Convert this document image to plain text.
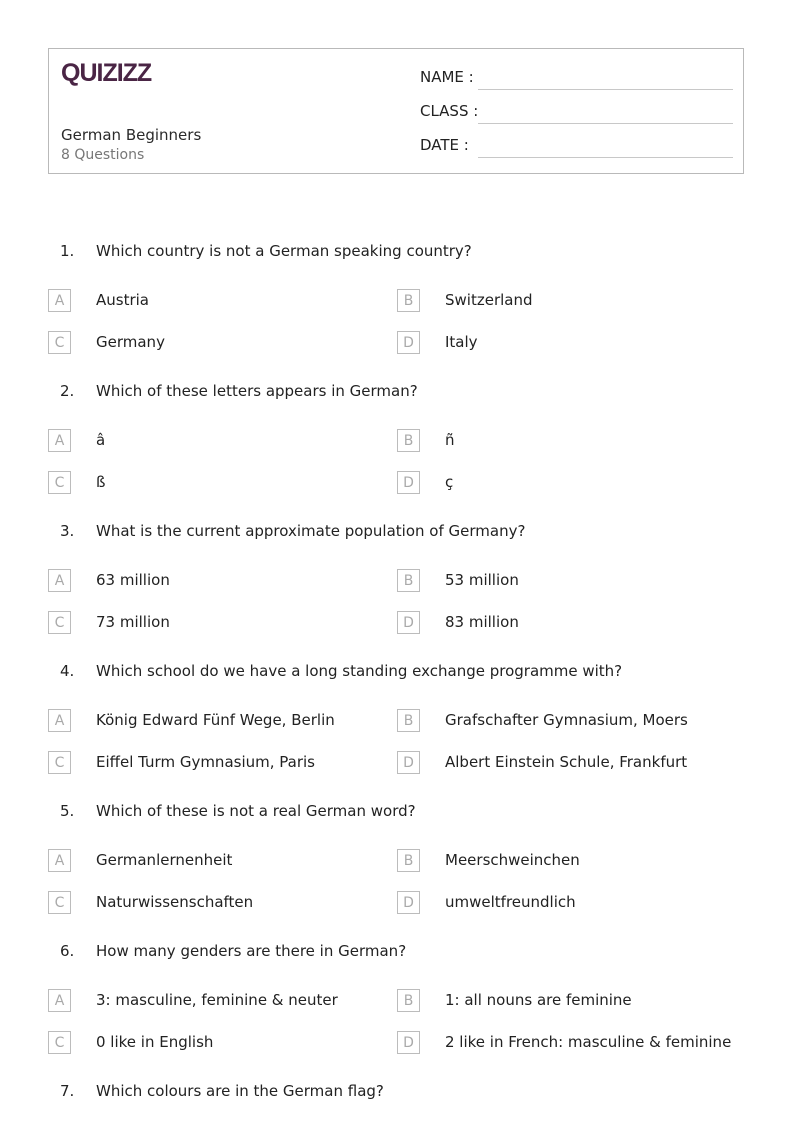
QUIZIZZ
German Beginners
8 Questions
NAME :
CLASS :
DATE :
1. Which country is not a German speaking country?
A	Austria	B	Switzerland
C	Germany	D	Italy
2. Which of these letters appears in German?
A	â	B	ñ
C	ß	D	ç
3. What is the current approximate population of Germany?
A	63 million	B	53 million
C	73 million	D	83 million
4. Which school do we have a long standing exchange programme with?
A	König Edward Fünf Wege, Berlin	B	Grafschafter Gymnasium, Moers
C	Eiffel Turm Gymnasium, Paris	D	Albert Einstein Schule, Frankfurt
5. Which of these is not a real German word?
A	Germanlernenheit	B	Meerschweinchen
C	Naturwissenschaften	D	umweltfreundlich
6. How many genders are there in German?
A	3: masculine, feminine & neuter	B	1: all nouns are feminine
C	0 like in English	D	2 like in French: masculine & feminine
7. Which colours are in the German flag?
